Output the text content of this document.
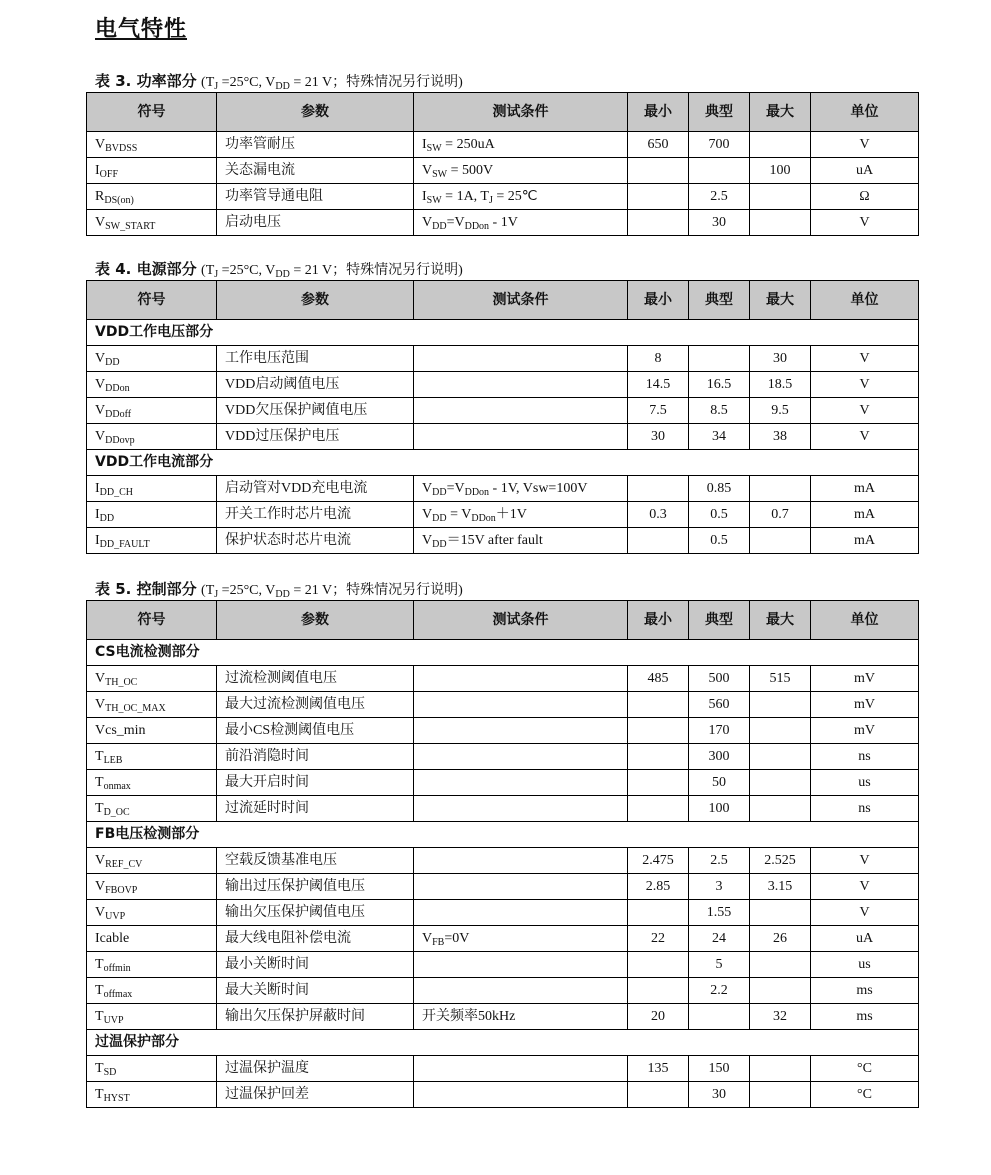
电气特性
表 3. 功率部分 ($T_J =25^\circ C$, $V_{DD} = 21$ V；特殊情况另行说明)
符号	参数	测试条件	最小	典型	最大	单位
$V_{BVDSS}$	功率管耐压	$I_{SW} = 250uA$	650	700		V
$I_{OFF}$	关态漏电流	$V_{SW} = 500V$			100	uA
$R_{DS(on)}$	功率管导通电阻	$I_{SW} = 1A$, $T_J$ = 25℃		2.5		Ω
$V_{SW\_START}$	启动电压	$V_{DD}=V_{DDon} - 1V$		30		V
表 4. 电源部分 ($T_J =25^\circ C$, $V_{DD} = 21$ V；特殊情况另行说明)
符号	参数	测试条件	最小	典型	最大	单位
VDD工作电压部分						
$V_{DD}$	工作电压范围		8		30	V
$V_{DDon}$	VDD启动阈值电压		14.5	16.5	18.5	V
$V_{DDoff}$	VDD欠压保护阈值电压		7.5	8.5	9.5	V
$V_{DDovp}$	VDD过压保护电压		30	34	38	V
VDD工作电流部分						
$I_{DD\_CH}$	启动管对VDD充电电流	$V_{DD}=V_{DDon} - 1V$, Vsw=100V		0.85		mA
$I_{DD}$	开关工作时芯片电流	$V_{DD} = V_{DDon}+1V$	0.3	0.5	0.7	mA
$I_{DD\_FAULT}$	保护状态时芯片电流	$V_{DD}=15V$ after fault		0.5		mA
表 5. 控制部分 ($T_J =25^\circ C$, $V_{DD} = 21$ V；特殊情况另行说明)
符号	参数	测试条件	最小	典型	最大	单位
CS电流检测部分						
$V_{TH\_OC}$	过流检测阈值电压		485	500	515	mV
$V_{TH\_OC\_MAX}$	最大过流检测阈值电压			560		mV
Vcs_min	最小CS检测阈值电压			170		mV
$T_{LEB}$	前沿消隐时间			300		ns
$T_{onmax}$	最大开启时间			50		us
$T_{D\_OC}$	过流延时时间			100		ns
FB电压检测部分						
$V_{REF\_CV}$	空载反馈基准电压		2.475	2.5	2.525	V
$V_{FBOVP}$	输出过压保护阈值电压		2.85	3	3.15	V
$V_{UVP}$	输出欠压保护阈值电压			1.55		V
Icable	最大线电阻补偿电流	$V_{FB}=0V$	22	24	26	uA
$T_{offmin}$	最小关断时间			5		us
$T_{offmax}$	最大关断时间			2.2		ms
$T_{UVP}$	输出欠压保护屏蔽时间	开关频率50kHz	20		32	ms
过温保护部分						
$T_{SD}$	过温保护温度		135	150		°C
$T_{HYST}$	过温保护回差			30		°C
